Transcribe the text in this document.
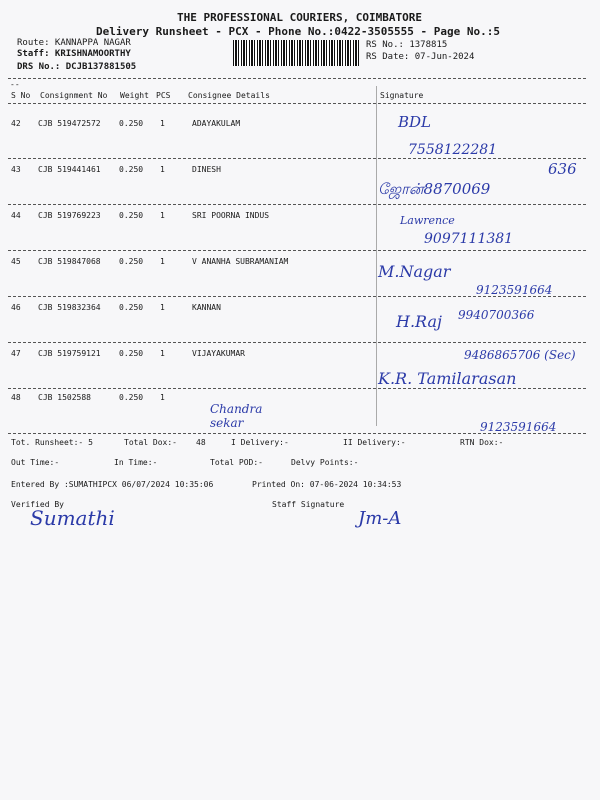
THE PROFESSIONAL COURIERS, COIMBATORE
Delivery Runsheet - PCX - Phone No.:0422-3505555 - Page No.:5
Route: KANNAPPA NAGAR
Staff: KRISHNAMOORTHY
DRS No.: DCJB137881505
RS No.: 1378815
RS Date: 07-Jun-2024
--
S No Consignment No Weight PCS Consignee Details	Signature
42 CJB 519472572 0.250 1	ADAYAKULAM	BDL
7558122281
43 CJB 519441461 0.250 1	DINESH	636
ஜோன்8870069
44 CJB 519769223 0.250 1	SRI POORNA INDUS	Lawrence
9097111381
45 CJB 519847068 0.250 1	V ANANHA SUBRAMANIAM
M.Nagar
9123591664
46 CJB 519832364 0.250 1	KANNAN
H.Raj 9940700366
47 CJB 519759121 0.250 1	VIJAYAKUMAR	9486865706 (Sec)
K.R. Tamilarasan
48 CJB 1502588	0.250 1
Chandra sekar	9123591664
Tot. Runsheet:- 5	Total Dox:- 48	I Delivery:-	II Delivery:-	RTN Dox:-
Out Time:-	In Time:-	Total POD:-	Delvy Points:-
Entered By :SUMATHIPCX 06/07/2024 10:35:06	Printed On: 07-06-2024 10:34:53
Verified By
Sumathi
Staff Signature
Jm-A
